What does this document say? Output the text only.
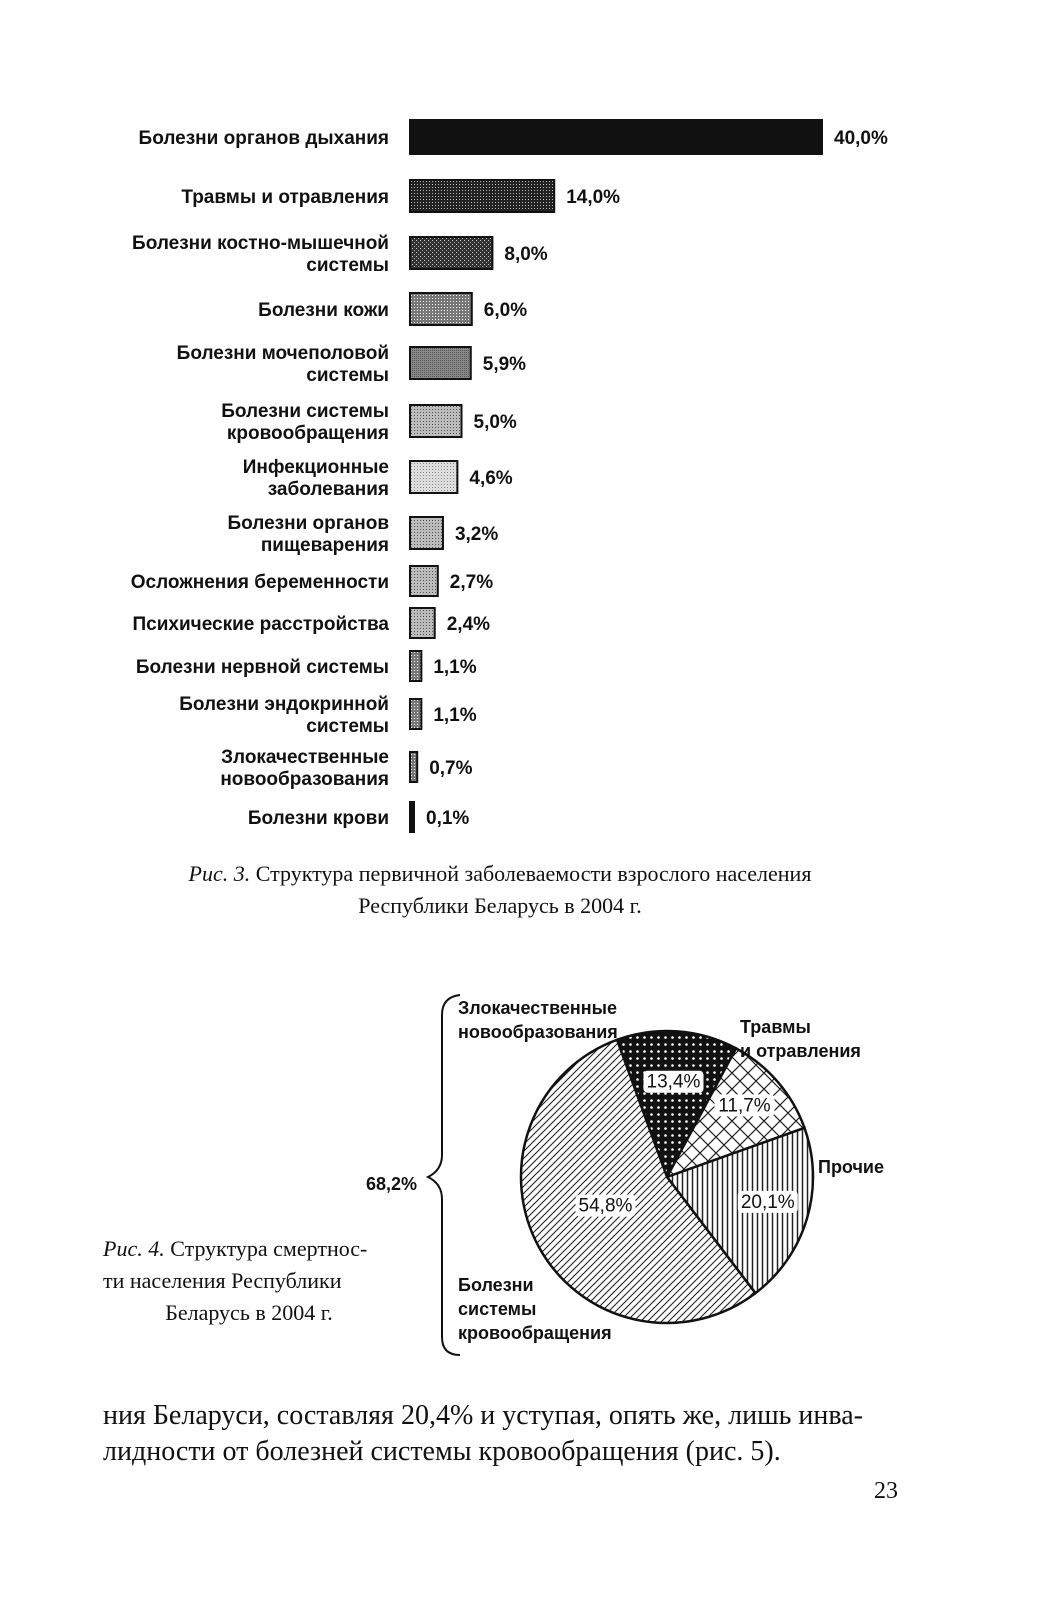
Болезни органов дыхания	40,0%
Травмы и отравления	14,0%
Болезни костно-мышечной
системы
8,0%
Болезни кожи	6,0%
Болезни мочеполовой
системы
5,9%
Болезни системы
кровообращения
5,0%
Инфекционные
заболевания
4,6%
Болезни органов
пищеварения
3,2%
Осложнения беременности	2,7%
Психические расстройства	2,4%
Болезни нервной системы 1,1%
Болезни эндокринной
системы
1,1%
Злокачественные
новообразования
0,7%
Болезни крови 0,1%
Рис. 3. Структура первичной заболеваемости взрослого населения
Республики Беларусь в 2004 г.
13,4%
11,7%
20,1%
54,8%
Злокачественные
новообразования	Травмы
и отравления
Прочие
Болезни
системы
кровообращения
68,2%
Рис. 4. Структура смертнос-
ти населения Республики
Беларусь в 2004 г.
ния Беларуси, составляя 20,4% и уступая, опять же, лишь инва-
лидности от болезней системы кровообращения (рис. 5).
23
